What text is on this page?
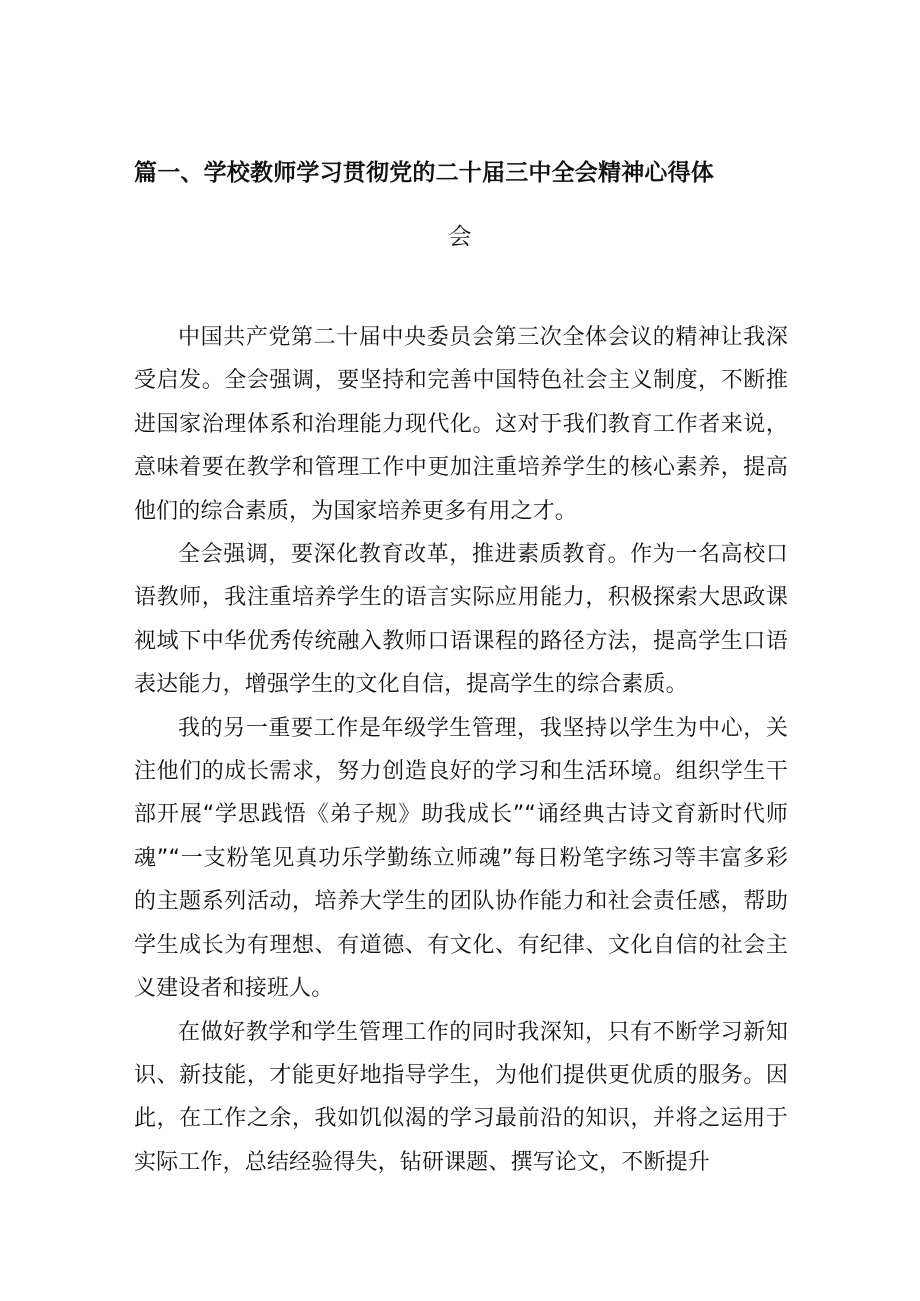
篇一、学校教师学习贯彻党的二十届三中全会精神心得体
会

中国共产党第二十届中央委员会第三次全体会议的精神让我深受启发。全会强调，要坚持和完善中国特色社会主义制度，不断推进国家治理体系和治理能力现代化。这对于我们教育工作者来说，意味着要在教学和管理工作中更加注重培养学生的核心素养，提高他们的综合素质，为国家培养更多有用之才。

全会强调，要深化教育改革，推进素质教育。作为一名高校口语教师，我注重培养学生的语言实际应用能力，积极探索大思政课视域下中华优秀传统融入教师口语课程的路径方法，提高学生口语表达能力，增强学生的文化自信，提高学生的综合素质。

我的另一重要工作是年级学生管理，我坚持以学生为中心，关注他们的成长需求，努力创造良好的学习和生活环境。组织学生干部开展“学思践悟《弟子规》助我成长”“诵经典古诗文育新时代师魂”“一支粉笔见真功乐学勤练立师魂”每日粉笔字练习等丰富多彩的主题系列活动，培养大学生的团队协作能力和社会责任感，帮助学生成长为有理想、有道德、有文化、有纪律、文化自信的社会主义建设者和接班人。

在做好教学和学生管理工作的同时我深知，只有不断学习新知识、新技能，才能更好地指导学生，为他们提供更优质的服务。因此，在工作之余，我如饥似渴的学习最前沿的知识，并将之运用于实际工作，总结经验得失，钻研课题、撰写论文，不断提升
